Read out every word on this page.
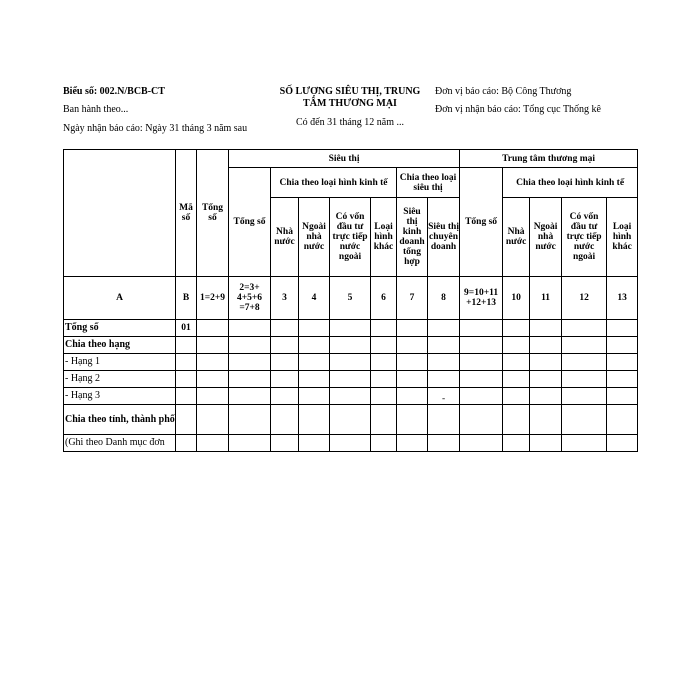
Biểu số: 002.N/BCB-CT
Ban hành theo...
Ngày nhận báo cáo: Ngày 31 tháng 3 năm sau
SỐ LƯỢNG SIÊU THỊ, TRUNG
TÂM THƯƠNG MẠI
Có đến 31 tháng 12 năm ...
Đơn vị báo cáo: Bộ Công Thương
Đơn vị nhận báo cáo: Tổng cục Thống kê
	Mã số	Tổng số	Siêu thị							Trung tâm thương mại				
			Tổng số	Chia theo loại hình kinh tế				Chia theo loại siêu thị		Tổng số	Chia theo loại hình kinh tế			
				Nhà nước	Ngoài nhà nước	Có vốn đầu tư trực tiếp nước ngoài	Loại hình khác	Siêu thị kinh doanh tổng hợp	Siêu thị chuyên doanh		Nhà nước	Ngoài nhà nước	Có vốn đầu tư trực tiếp nước ngoài	Loại hình khác

A	B	1=2+9	2=3+ 4+5+6 =7+8	3	4	5	6	7	8	9=10+11 +12+13	10	11	12	13
Tổng số	01													
Chia theo hạng														
- Hạng 1														
- Hạng 2														
- Hạng 3									-					
Chia theo tỉnh, thành phố														
(Ghi theo Danh mục đơn														
